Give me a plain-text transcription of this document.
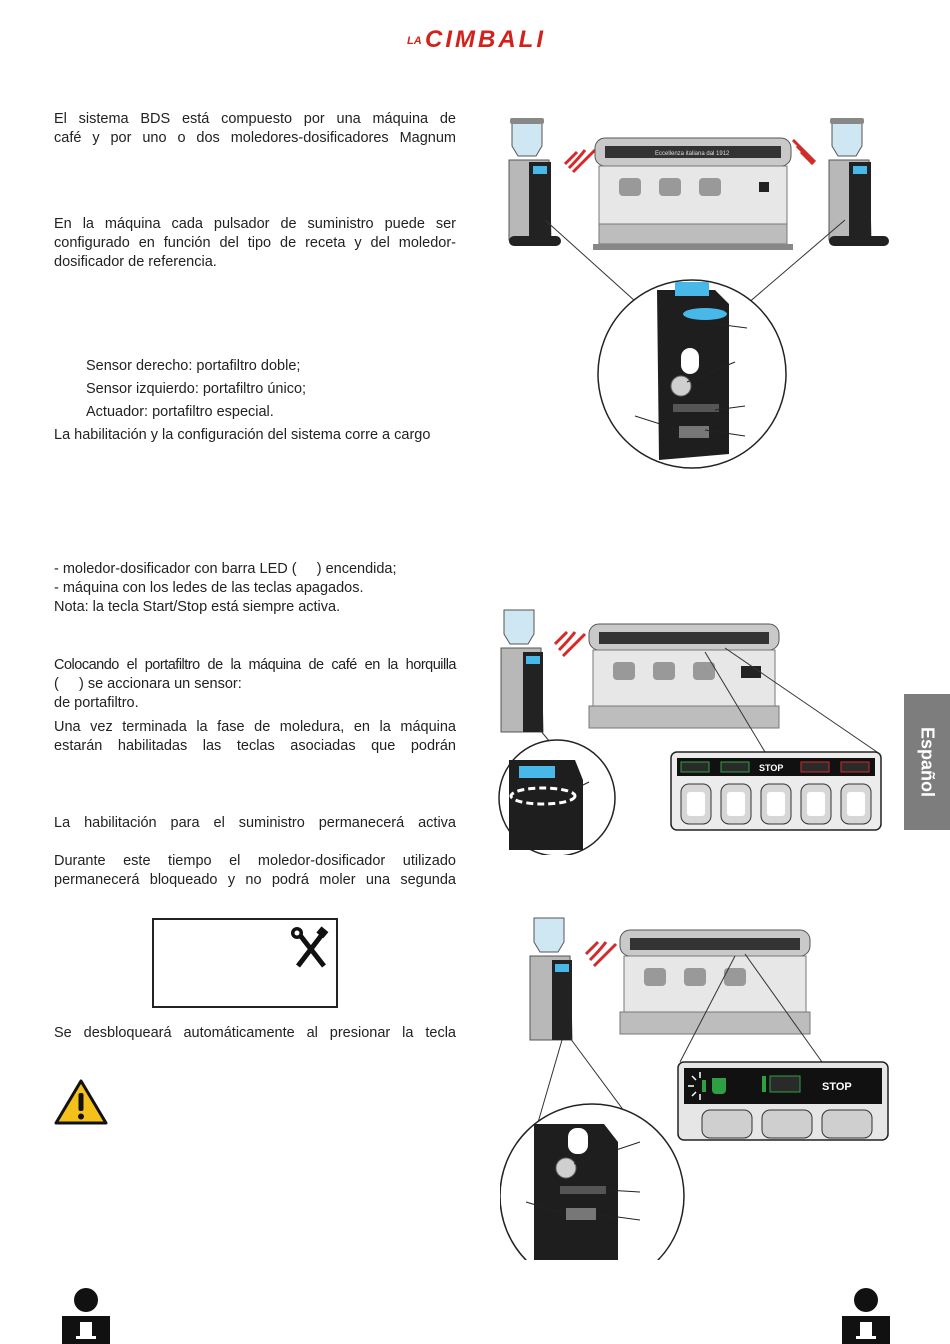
LA CIMBALI
El sistema BDS está compuesto por una máquina de
café y por uno o dos moledores-dosificadores Magnum
En la máquina cada pulsador de suministro puede ser
configurado en función del tipo de receta y del moledor-
dosificador de referencia.
Sensor derecho: portafiltro doble;
Sensor izquierdo: portafiltro único;
Actuador: portafiltro especial.
La habilitación y la configuración del sistema corre a cargo
- moledor-dosificador con barra LED (     ) encendida;
- máquina con los ledes de las teclas apagados.
Nota: la tecla Start/Stop está siempre activa.
Colocando el portafiltro de la máquina de café en la horquilla
(     ) se accionara un sensor:
de portafiltro.
Una vez terminada la fase de moledura, en la máquina
estarán habilitadas las teclas asociadas que podrán
La habilitación para el suministro permanecerá activa
Durante este tiempo el moledor-dosificador utilizado
permanecerá bloqueado y no podrá moler una segunda
Se desbloqueará automáticamente al presionar la tecla
Español
Eccellenza italiana dal 1912
STOP
STOP
